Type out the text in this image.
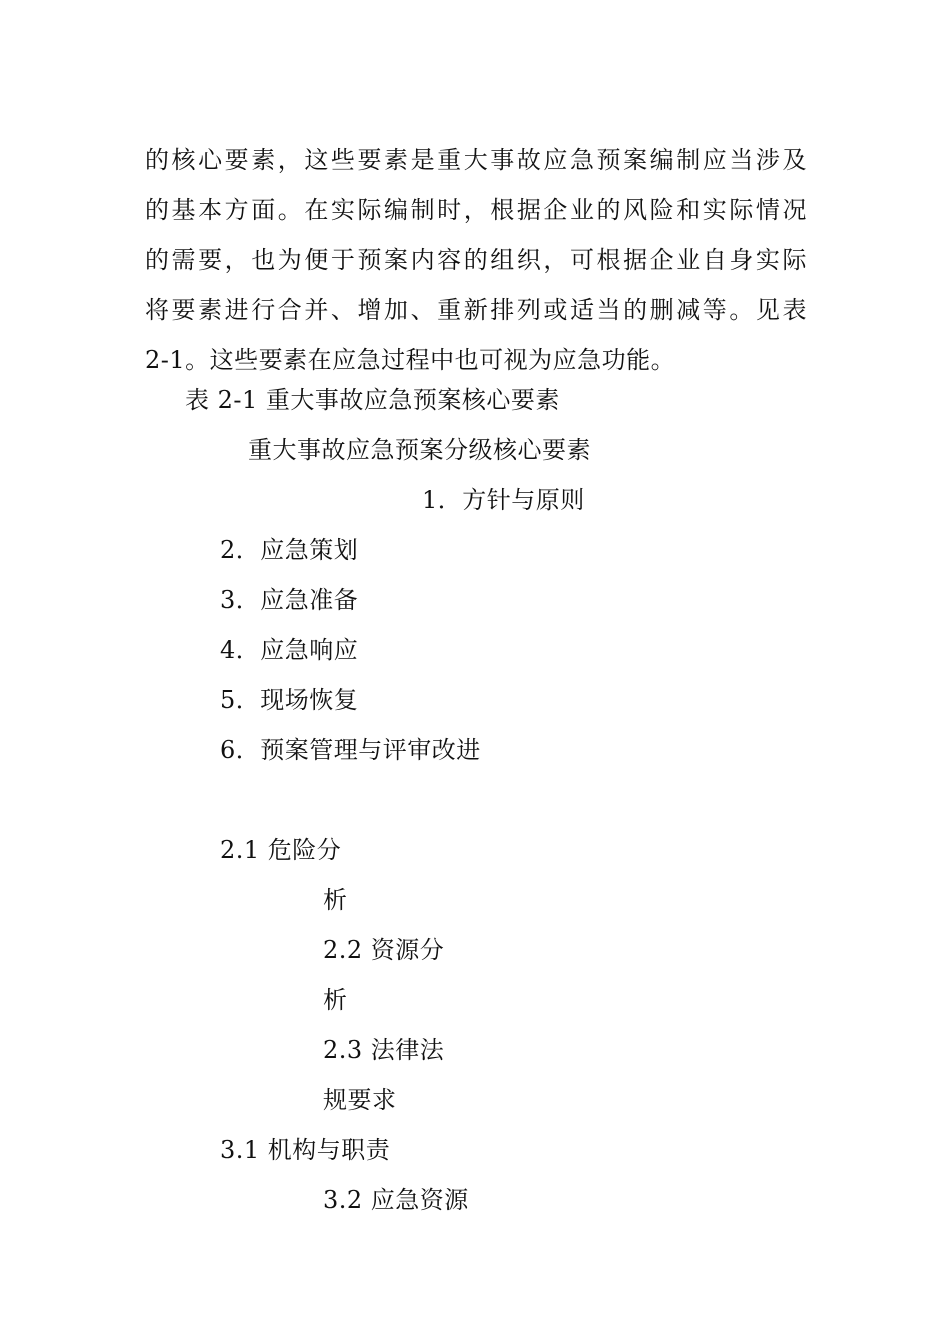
的核心要素，这些要素是重大事故应急预案编制应当涉及
的基本方面。在实际编制时，根据企业的风险和实际情况
的需要，也为便于预案内容的组织，可根据企业自身实际
将要素进行合并、增加、重新排列或适当的删减等。见表
2-1。这些要素在应急过程中也可视为应急功能。
表 2-1 重大事故应急预案核心要素
重大事故应急预案分级核心要素
1．方针与原则
2．应急策划
3．应急准备
4．应急响应
5．现场恢复
6．预案管理与评审改进
2.1 危险分
析
2.2 资源分
析
2.3 法律法
规要求
3.1 机构与职责
3.2 应急资源
